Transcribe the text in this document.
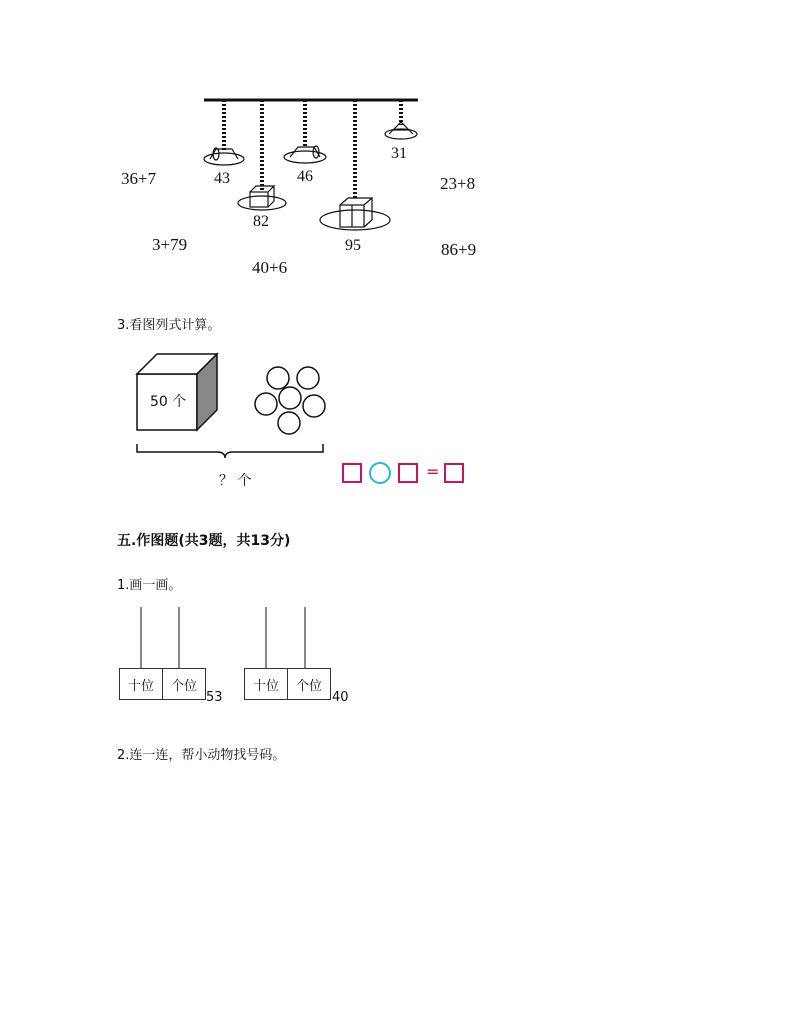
43	46
31
82
95
36+7	23+8
3+79	86+9
40+6
3.看图列式计算。
50 个
？ 个	=
五.作图题(共3题，共13分)
1.画一画。
十位	个位
53
十位	个位
40
2.连一连，帮小动物找号码。
